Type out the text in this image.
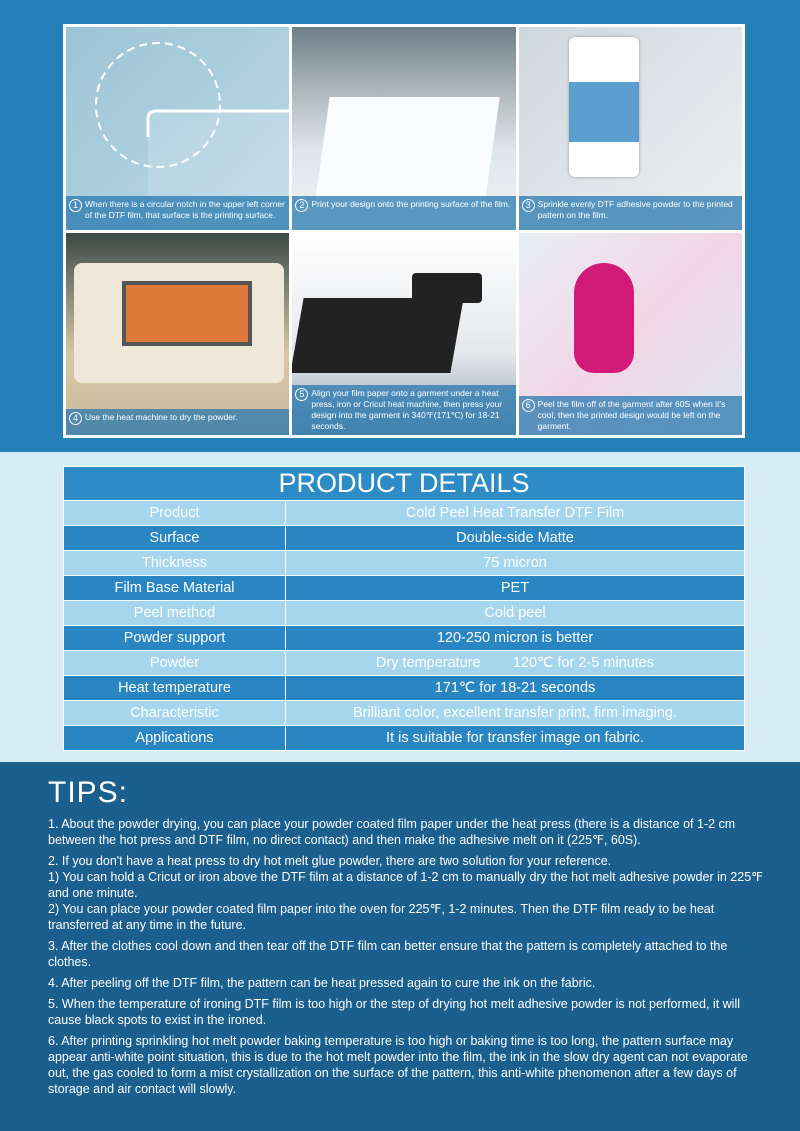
1 When there is a circular notch in the upper left corner of the DTF film, that surface is the printing surface.
2 Print your design onto the printing surface of the film.	3 Sprinkle evenly DTF adhesive powder to the printed pattern on the film.
4 Use the heat machine to dry the powder.
5 Align your film paper onto a garment under a heat press, iron or Cricut heat machine, then press your design into the garment in 340℉(171℃) for 18-21 seconds.
6 Peel the film off of the garment after 60S when it's cool, then the printed design would be left on the garment.
PRODUCT DETAILS	
Product	Cold Peel Heat Transfer DTF Film
Surface	Double-side Matte
Thickness	75 micron
Film Base Material	PET
Peel method	Cold peel
Powder support	120-250 micron is better
Powder	Dry temperature        120℃ for 2-5 minutes
Heat temperature	171℃ for 18-21 seconds
Characteristic	Brilliant color, excellent transfer print, firm imaging.
Applications	It is suitable for transfer image on fabric.
TIPS:

1. About the powder drying, you can place your powder coated film paper under the heat press (there is a distance of 1-2 cm between the hot press and DTF film, no direct contact) and then make the adhesive melt on it (225℉, 60S).

2. If you don't have a heat press to dry hot melt glue powder, there are two solution for your reference.

1) You can hold a Cricut or iron above the DTF film at a distance of 1-2 cm to manually dry the hot melt adhesive powder in 225℉ and one minute.

2) You can place your powder coated film paper into the oven for 225℉, 1-2 minutes. Then the DTF film ready to be heat transferred at any time in the future.

3. After the clothes cool down and then tear off the DTF film can better ensure that the pattern is completely attached to the clothes.

4. After peeling off the DTF film, the pattern can be heat pressed again to cure the ink on the fabric.

5. When the temperature of ironing DTF film is too high or the step of drying hot melt adhesive powder is not performed, it will cause black spots to exist in the ironed.

6. After printing sprinkling hot melt powder baking temperature is too high or baking time is too long, the pattern surface may appear anti-white point situation, this is due to the hot melt powder into the film, the ink in the slow dry agent can not evaporate out, the gas cooled to form a mist crystallization on the surface of the pattern, this anti-white phenomenon after a few days of storage and air contact will slowly.
